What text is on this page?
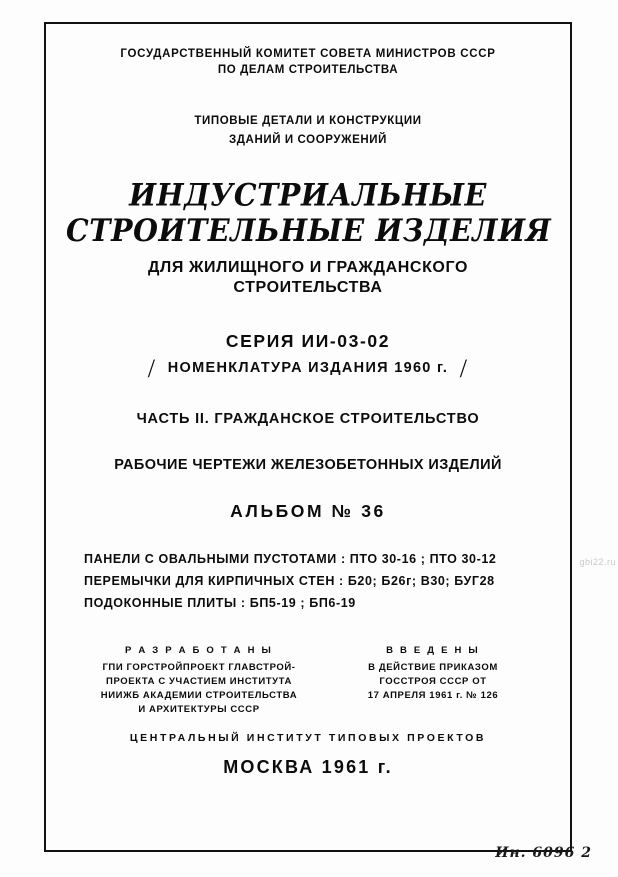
ГОСУДАРСТВЕННЫЙ КОМИТЕТ СОВЕТА МИНИСТРОВ СССР
ПО ДЕЛАМ СТРОИТЕЛЬСТВА
ТИПОВЫЕ ДЕТАЛИ И КОНСТРУКЦИИ
ЗДАНИЙ И СООРУЖЕНИЙ
ИНДУСТРИАЛЬНЫЕ
СТРОИТЕЛЬНЫЕ ИЗДЕЛИЯ
ДЛЯ ЖИЛИЩНОГО И ГРАЖДАНСКОГО
СТРОИТЕЛЬСТВА
СЕРИЯ ИИ-03-02
/ НОМЕНКЛАТУРА ИЗДАНИЯ 1960 г. /
ЧАСТЬ II. ГРАЖДАНСКОЕ СТРОИТЕЛЬСТВО
РАБОЧИЕ ЧЕРТЕЖИ ЖЕЛЕЗОБЕТОННЫХ ИЗДЕЛИЙ
АЛЬБОМ № 36
ПАНЕЛИ С ОВАЛЬНЫМИ ПУСТОТАМИ : ПТО 30-16 ; ПТО 30-12
ПЕРЕМЫЧКИ ДЛЯ КИРПИЧНЫХ СТЕН : Б20; Б26г; В30; БУГ28
ПОДОКОННЫЕ ПЛИТЫ : БП5-19 ; БП6-19
Р А З Р А Б О Т А Н Ы
ГПИ ГОРСТРОЙПРОЕКТ ГЛАВСТРОЙ-
ПРОЕКТА С УЧАСТИЕМ ИНСТИТУТА
НИИЖБ АКАДЕМИИ СТРОИТЕЛЬСТВА
И АРХИТЕКТУРЫ СССР
В В Е Д Е Н Ы
В ДЕЙСТВИЕ ПРИКАЗОМ
ГОССТРОЯ СССР ОТ
17 АПРЕЛЯ 1961 г. № 126
ЦЕНТРАЛЬНЫЙ ИНСТИТУТ ТИПОВЫХ ПРОЕКТОВ
МОСКВА 1961 г.
Ин. 6096 2
gbi22.ru
